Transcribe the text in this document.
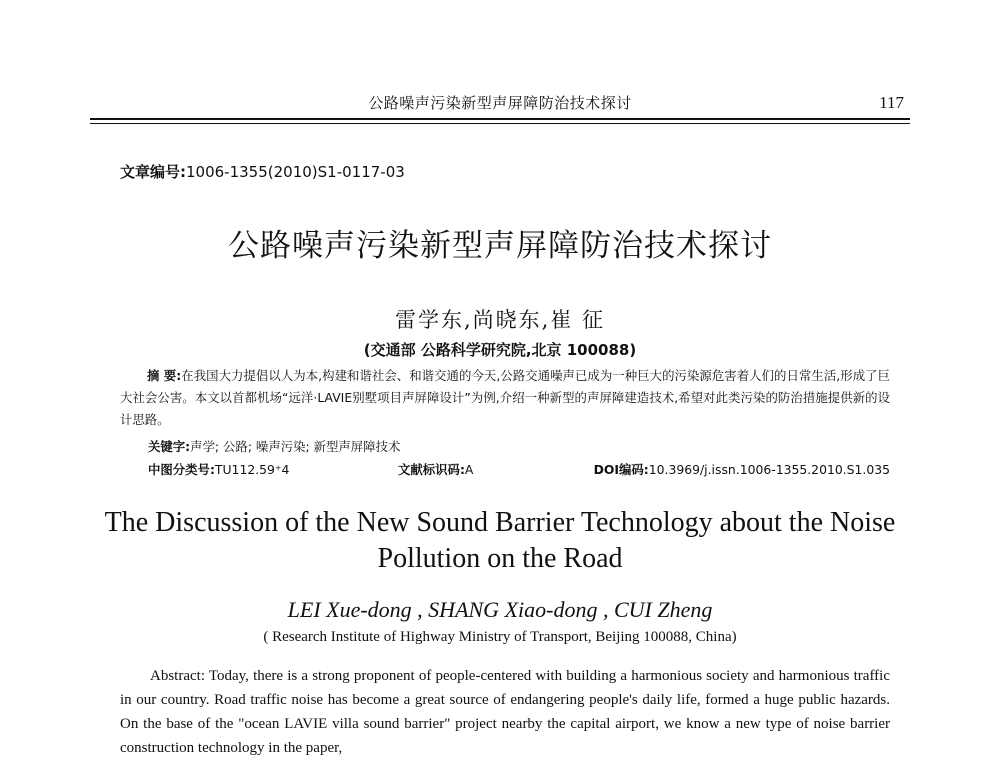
公路噪声污染新型声屏障防治技术探讨	117
文章编号:1006-1355(2010)S1-0117-03
公路噪声污染新型声屏障防治技术探讨
雷学东,尚晓东,崔 征
(交通部 公路科学研究院,北京 100088)
摘 要:在我国大力提倡以人为本,构建和谐社会、和谐交通的今天,公路交通噪声已成为一种巨大的污染源危害着人们的日常生活,形成了巨大社会公害。本文以首都机场“远洋·LAVIE别墅项目声屏障设计”为例,介绍一种新型的声屏障建造技术,希望对此类污染的防治措施提供新的设计思路。
关键字:声学; 公路; 噪声污染; 新型声屏障技术
中图分类号:TU112.59⁺4	文献标识码:A	DOI编码:10.3969/j.issn.1006-1355.2010.S1.035
The Discussion of the New Sound Barrier Technology about the Noise Pollution on the Road
LEI Xue-dong , SHANG Xiao-dong , CUI Zheng
( Research Institute of Highway Ministry of Transport, Beijing 100088, China)
Abstract: Today, there is a strong proponent of people-centered with building a harmonious society and harmonious traffic in our country. Road traffic noise has become a great source of endangering people's daily life, formed a huge public hazards. On the base of the "ocean LAVIE villa sound barrier" project nearby the capital airport, we know a new type of noise barrier construction technology in the paper,
